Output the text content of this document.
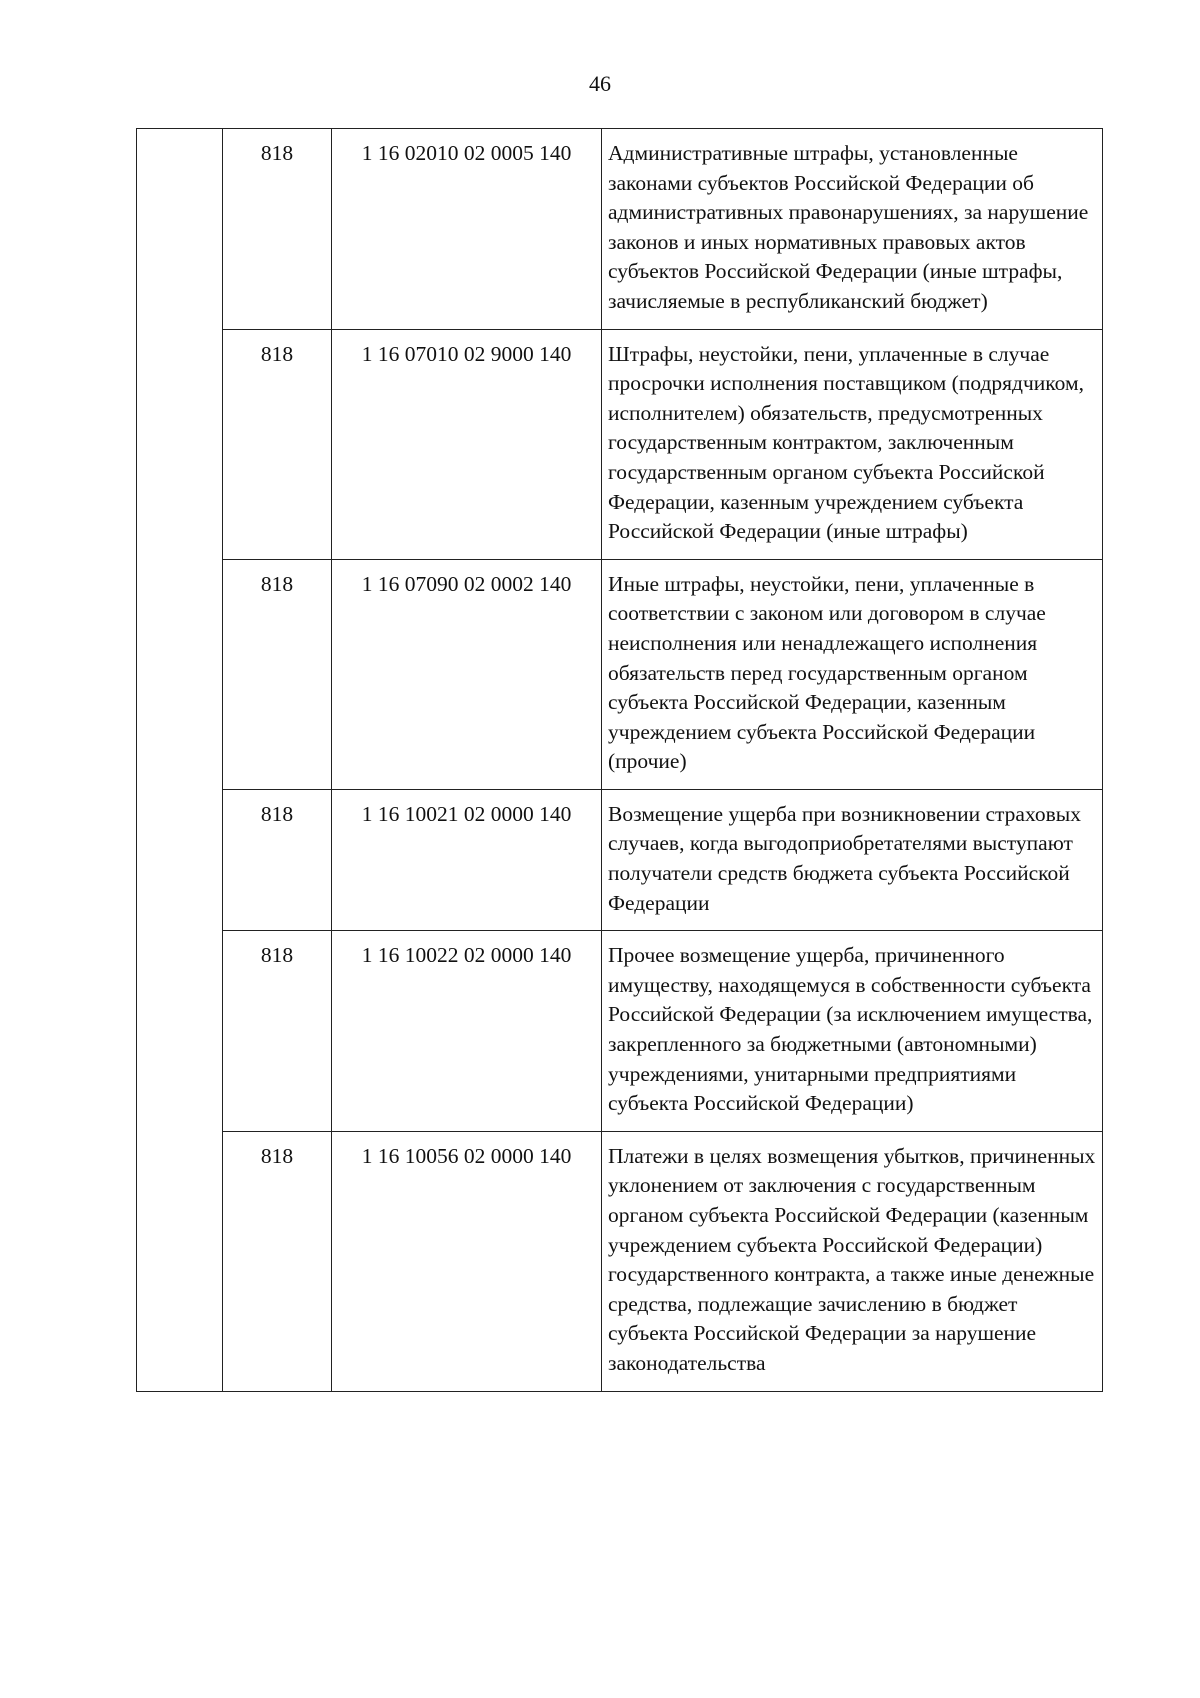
46
	818	1 16 02010 02 0005 140	Административные штрафы, установленные законами субъектов Российской Федерации об административных правонарушениях, за нарушение законов и иных нормативных правовых актов субъектов Российской Федерации (иные штрафы, зачисляемые в республиканский бюджет)
	818	1 16 07010 02 9000 140	Штрафы, неустойки, пени, уплаченные в случае просрочки исполнения поставщиком (подрядчиком, исполнителем) обязательств, предусмотренных государственным контрактом, заключенным государственным органом субъекта Российской Федерации, казенным учреждением субъекта Российской Федерации (иные штрафы)
	818	1 16 07090 02 0002 140	Иные штрафы, неустойки, пени, уплаченные в соответствии с законом или договором в случае неисполнения или ненадлежащего исполнения обязательств перед государственным органом субъекта Российской Федерации, казенным учреждением субъекта Российской Федерации (прочие)
	818	1 16 10021 02 0000 140	Возмещение ущерба при возникновении страховых случаев, когда выгодоприобретателями выступают получатели средств бюджета субъекта Российской Федерации
	818	1 16 10022 02 0000 140	Прочее возмещение ущерба, причиненного имуществу, находящемуся в собственности субъекта Российской Федерации (за исключением имущества, закрепленного за бюджетными (автономными) учреждениями, унитарными предприятиями субъекта Российской Федерации)
	818	1 16 10056 02 0000 140	Платежи в целях возмещения убытков, причиненных уклонением от заключения с государственным органом субъекта Российской Федерации (казенным учреждением субъекта Российской Федерации) государственного контракта, а также иные денежные средства, подлежащие зачислению в бюджет субъекта Российской Федерации за нарушение законодательства
